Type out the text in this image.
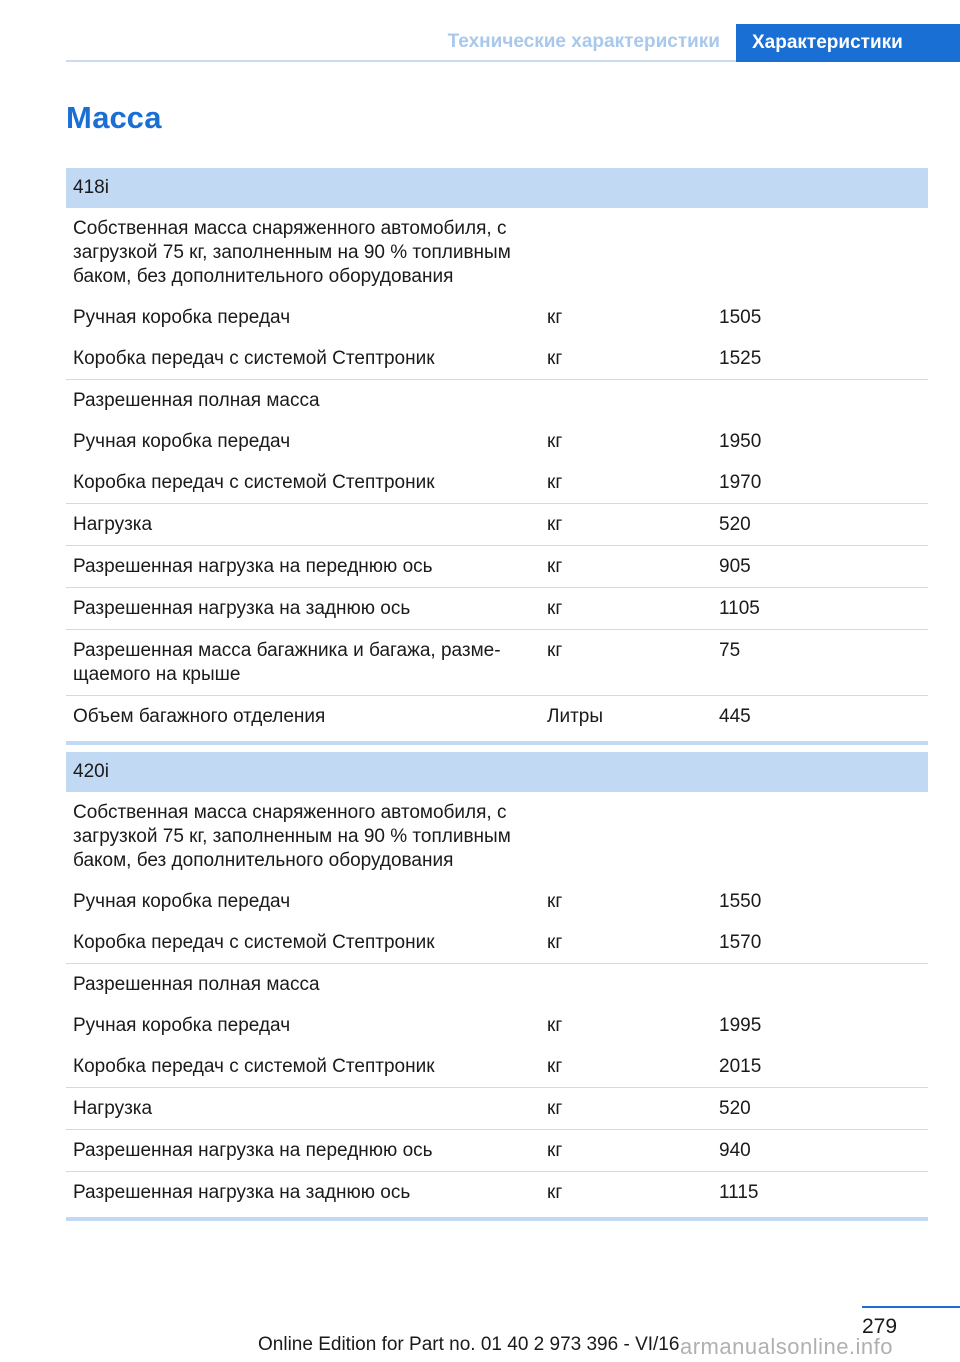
Технические характеристики	Характеристики
Масса
418i		
Собственная масса снаряженного автомобиля, с загрузкой 75 кг, заполненным на 90 % топливным баком, без дополнительного оборудования		
Ручная коробка передач	кг	1505
Коробка передач с системой Стептроник	кг	1525
Разрешенная полная масса		
Ручная коробка передач	кг	1950
Коробка передач с системой Стептроник	кг	1970
Нагрузка	кг	520
Разрешенная нагрузка на переднюю ось	кг	905
Разрешенная нагрузка на заднюю ось	кг	1105
Разрешенная масса багажника и багажа, размещаемого на крыше	кг	75
Объем багажного отделения	Литры	445
420i		
Собственная масса снаряженного автомобиля, с загрузкой 75 кг, заполненным на 90 % топливным баком, без дополнительного оборудования		
Ручная коробка передач	кг	1550
Коробка передач с системой Стептроник	кг	1570
Разрешенная полная масса		
Ручная коробка передач	кг	1995
Коробка передач с системой Стептроник	кг	2015
Нагрузка	кг	520
Разрешенная нагрузка на переднюю ось	кг	940
Разрешенная нагрузка на заднюю ось	кг	1115
279
Online Edition for Part no. 01 40 2 973 396 - VI/16 armanualsonline.info
